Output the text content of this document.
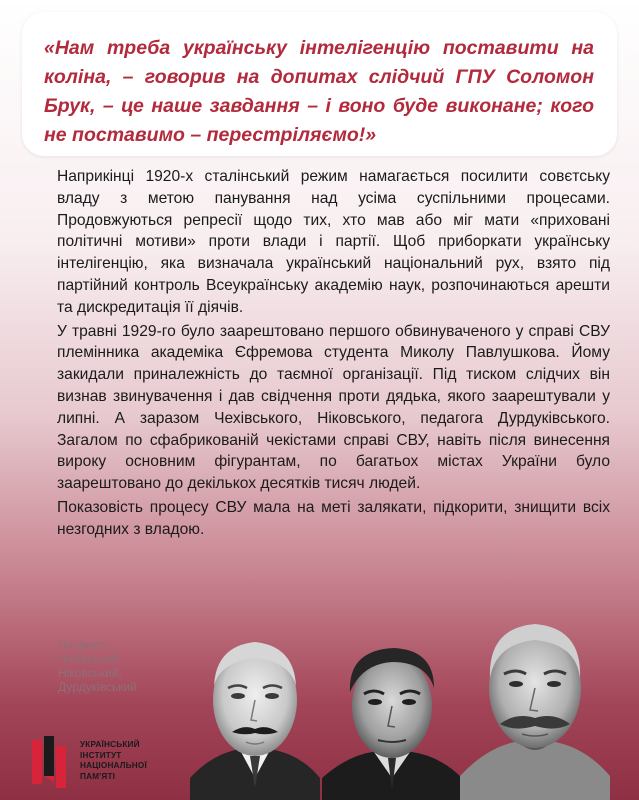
«Нам треба українську інтелігенцію поставити на коліна, – говорив на допитах слідчий ГПУ Соломон Брук, – це наше завдання – і воно буде виконане; кого не поставимо – перестріляємо!»

Наприкінці 1920-х сталінський режим намагається посилити совєтську владу з метою панування над усіма суспільними процесами. Продовжуються репресії щодо тих, хто мав або міг мати «приховані політичні мотиви» проти влади і партії. Щоб приборкати українську інтелігенцію, яка визначала український національний рух, взято під партійний контроль Всеукраїнську академію наук, розпочинаються арешти та дискредитація її діячів.

У травні 1929-го було заарештовано першого обвинуваченого у справі СВУ племінника академіка Єфремова студента Миколу Павлушкова. Йому закидали приналежність до таємної організації. Під тиском слідчих він визнав звинувачення і дав свідчення проти дядька, якого заарештували у липні. А заразом Чехівського, Ніковського, педагога Дурдуківського. Загалом по сфабрикованій чекістами справі СВУ, навіть після винесення вироку основним фігурантам, по багатьох містах України було заарештовано до декількох десятків тисяч людей.

Показовість процесу СВУ мала на меті залякати, підкорити, знищити всіх незгодних з владою.

На фото:
Чехівський,
Ніковський,
Дурдуківський
УКРАЇНСЬКИЙ
ІНСТИТУТ
НАЦІОНАЛЬНОЇ
ПАМ'ЯТІ
